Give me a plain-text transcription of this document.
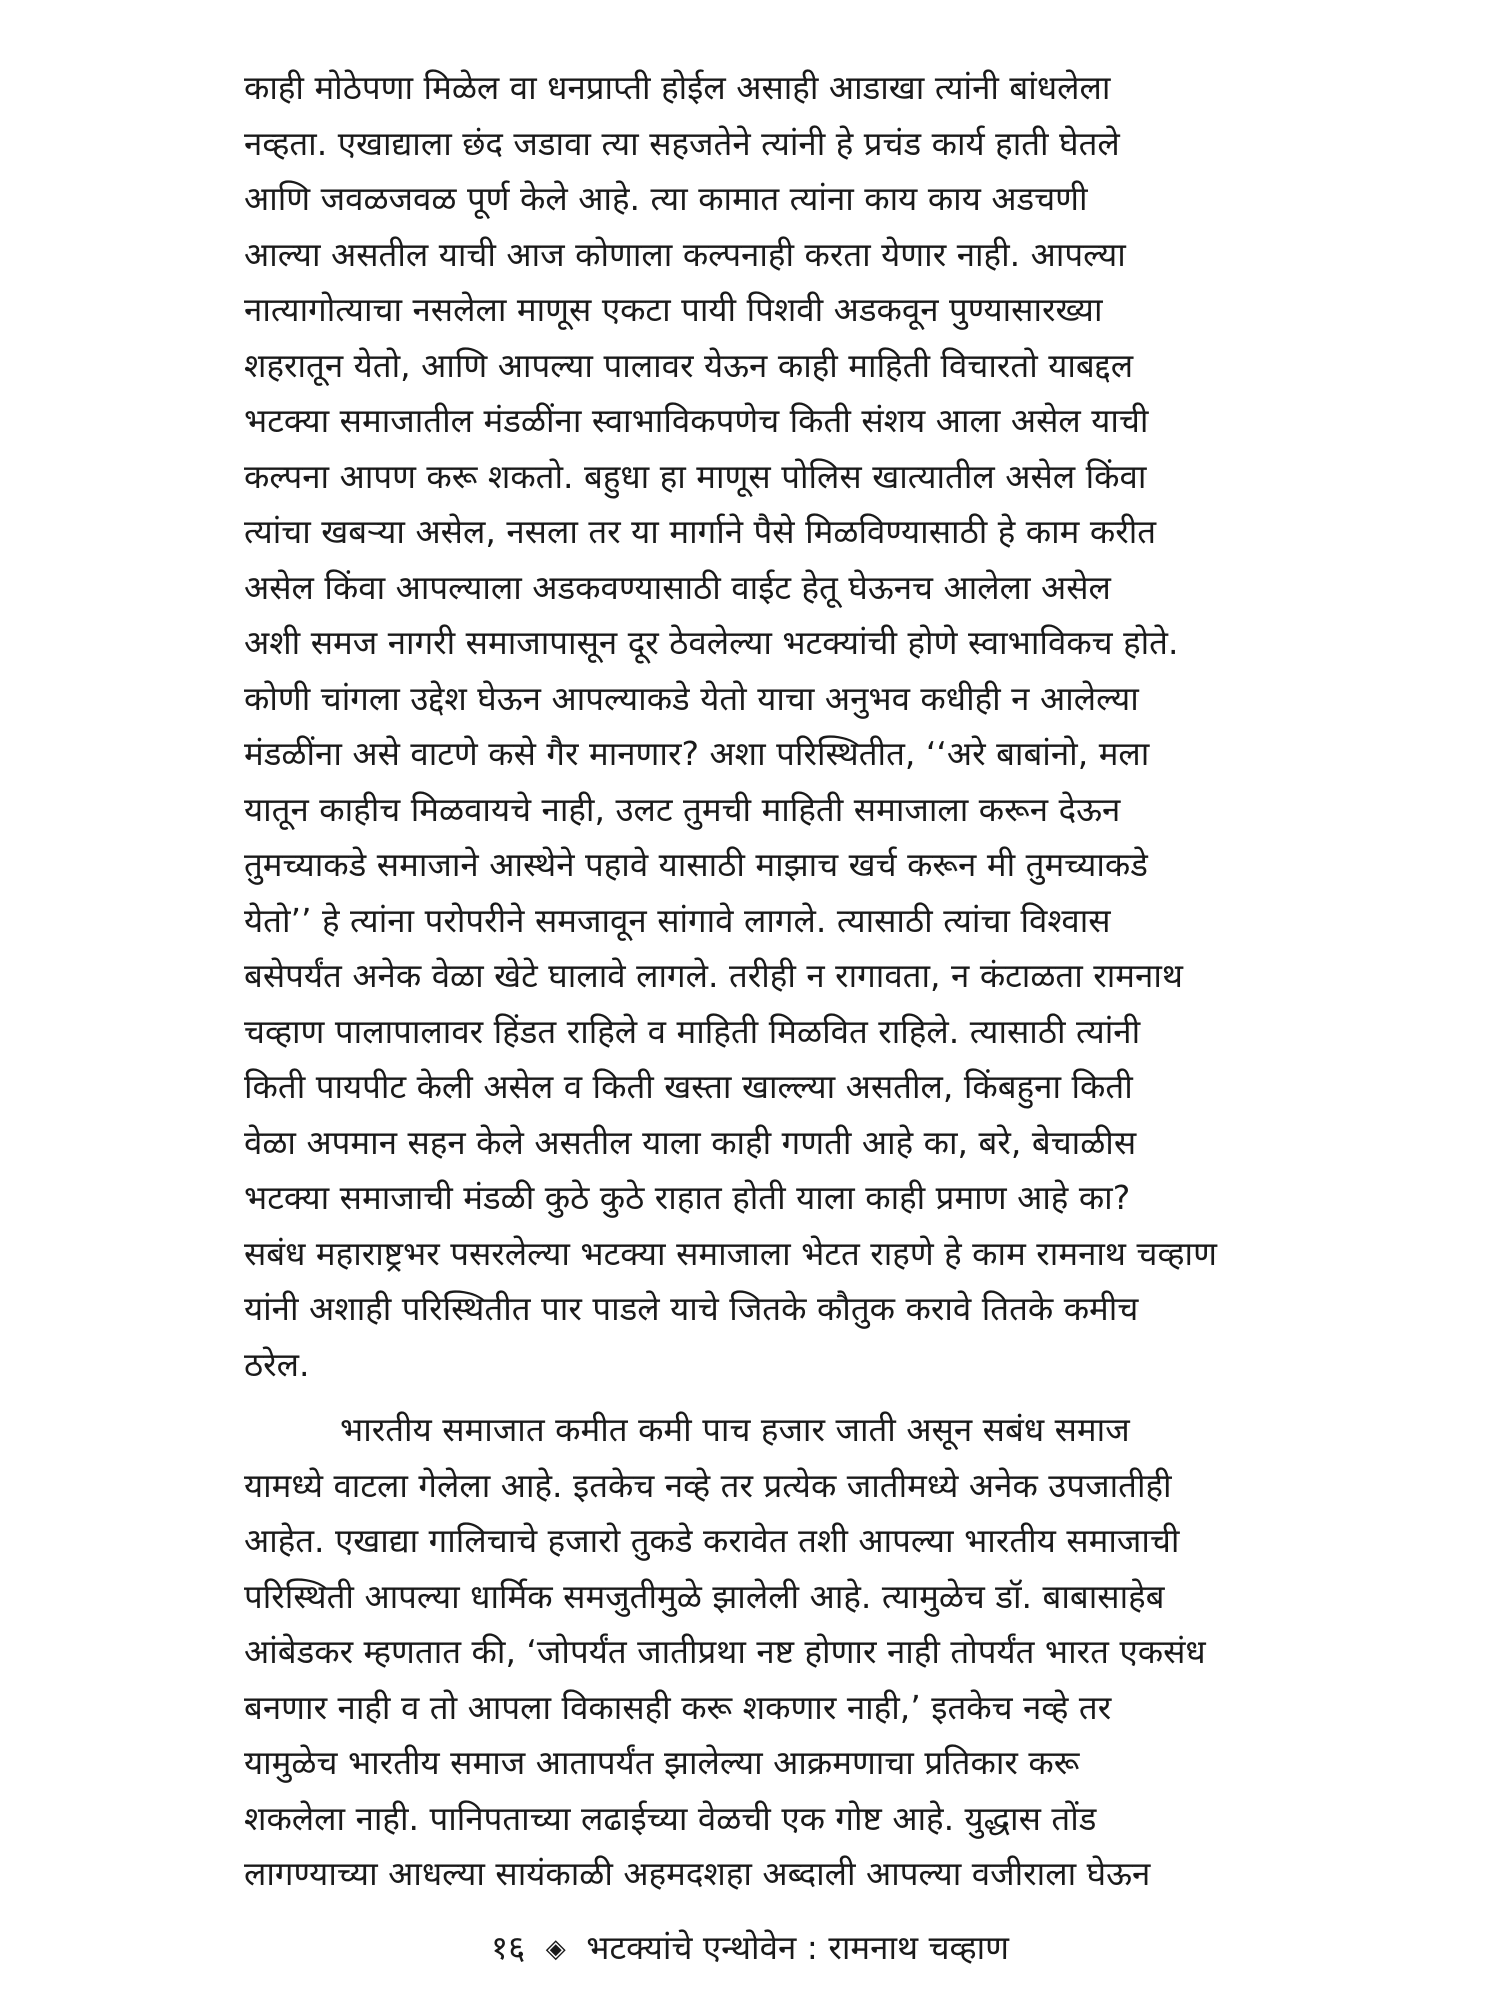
काही मोठेपणा मिळेल वा धनप्राप्ती होईल असाही आडाखा त्यांनी बांधलेला
नव्हता. एखाद्याला छंद जडावा त्या सहजतेने त्यांनी हे प्रचंड कार्य हाती घेतले
आणि जवळजवळ पूर्ण केले आहे. त्या कामात त्यांना काय काय अडचणी
आल्या असतील याची आज कोणाला कल्पनाही करता येणार नाही. आपल्या
नात्यागोत्याचा नसलेला माणूस एकटा पायी पिशवी अडकवून पुण्यासारख्या
शहरातून येतो, आणि आपल्या पालावर येऊन काही माहिती विचारतो याबद्दल
भटक्या समाजातील मंडळींना स्वाभाविकपणेच किती संशय आला असेल याची
कल्पना आपण करू शकतो. बहुधा हा माणूस पोलिस खात्यातील असेल किंवा
त्यांचा खबऱ्या असेल, नसला तर या मार्गाने पैसे मिळविण्यासाठी हे काम करीत
असेल किंवा आपल्याला अडकवण्यासाठी वाईट हेतू घेऊनच आलेला असेल
अशी समज नागरी समाजापासून दूर ठेवलेल्या भटक्यांची होणे स्वाभाविकच होते.
कोणी चांगला उद्देश घेऊन आपल्याकडे येतो याचा अनुभव कधीही न आलेल्या
मंडळींना असे वाटणे कसे गैर मानणार? अशा परिस्थितीत, ‘‘अरे बाबांनो, मला
यातून काहीच मिळवायचे नाही, उलट तुमची माहिती समाजाला करून देऊन
तुमच्याकडे समाजाने आस्थेने पहावे यासाठी माझाच खर्च करून मी तुमच्याकडे
येतो’’ हे त्यांना परोपरीने समजावून सांगावे लागले. त्यासाठी त्यांचा विश्वास
बसेपर्यंत अनेक वेळा खेटे घालावे लागले. तरीही न रागावता, न कंटाळता रामनाथ
चव्हाण पालापालावर हिंडत राहिले व माहिती मिळवित राहिले. त्यासाठी त्यांनी
किती पायपीट केली असेल व किती खस्ता खाल्ल्या असतील, किंबहुना किती
वेळा अपमान सहन केले असतील याला काही गणती आहे का, बरे, बेचाळीस
भटक्या समाजाची मंडळी कुठे कुठे राहात होती याला काही प्रमाण आहे का?
सबंध महाराष्ट्रभर पसरलेल्या भटक्या समाजाला भेटत राहणे हे काम रामनाथ चव्हाण
यांनी अशाही परिस्थितीत पार पाडले याचे जितके कौतुक करावे तितके कमीच
ठरेल.
भारतीय समाजात कमीत कमी पाच हजार जाती असून सबंध समाज
यामध्ये वाटला गेलेला आहे. इतकेच नव्हे तर प्रत्येक जातीमध्ये अनेक उपजातीही
आहेत. एखाद्या गालिचाचे हजारो तुकडे करावेत तशी आपल्या भारतीय समाजाची
परिस्थिती आपल्या धार्मिक समजुतीमुळे झालेली आहे. त्यामुळेच डॉ. बाबासाहेब
आंबेडकर म्हणतात की, ‘जोपर्यंत जातीप्रथा नष्ट होणार नाही तोपर्यंत भारत एकसंध
बनणार नाही व तो आपला विकासही करू शकणार नाही,’ इतकेच नव्हे तर
यामुळेच भारतीय समाज आतापर्यंत झालेल्या आक्रमणाचा प्रतिकार करू
शकलेला नाही. पानिपताच्या लढाईच्या वेळची एक गोष्ट आहे. युद्धास तोंड
लागण्याच्या आधल्या सायंकाळी अहमदशहा अब्दाली आपल्या वजीराला घेऊन
१६ ◈ भटक्यांचे एन्थोवेन : रामनाथ चव्हाण
